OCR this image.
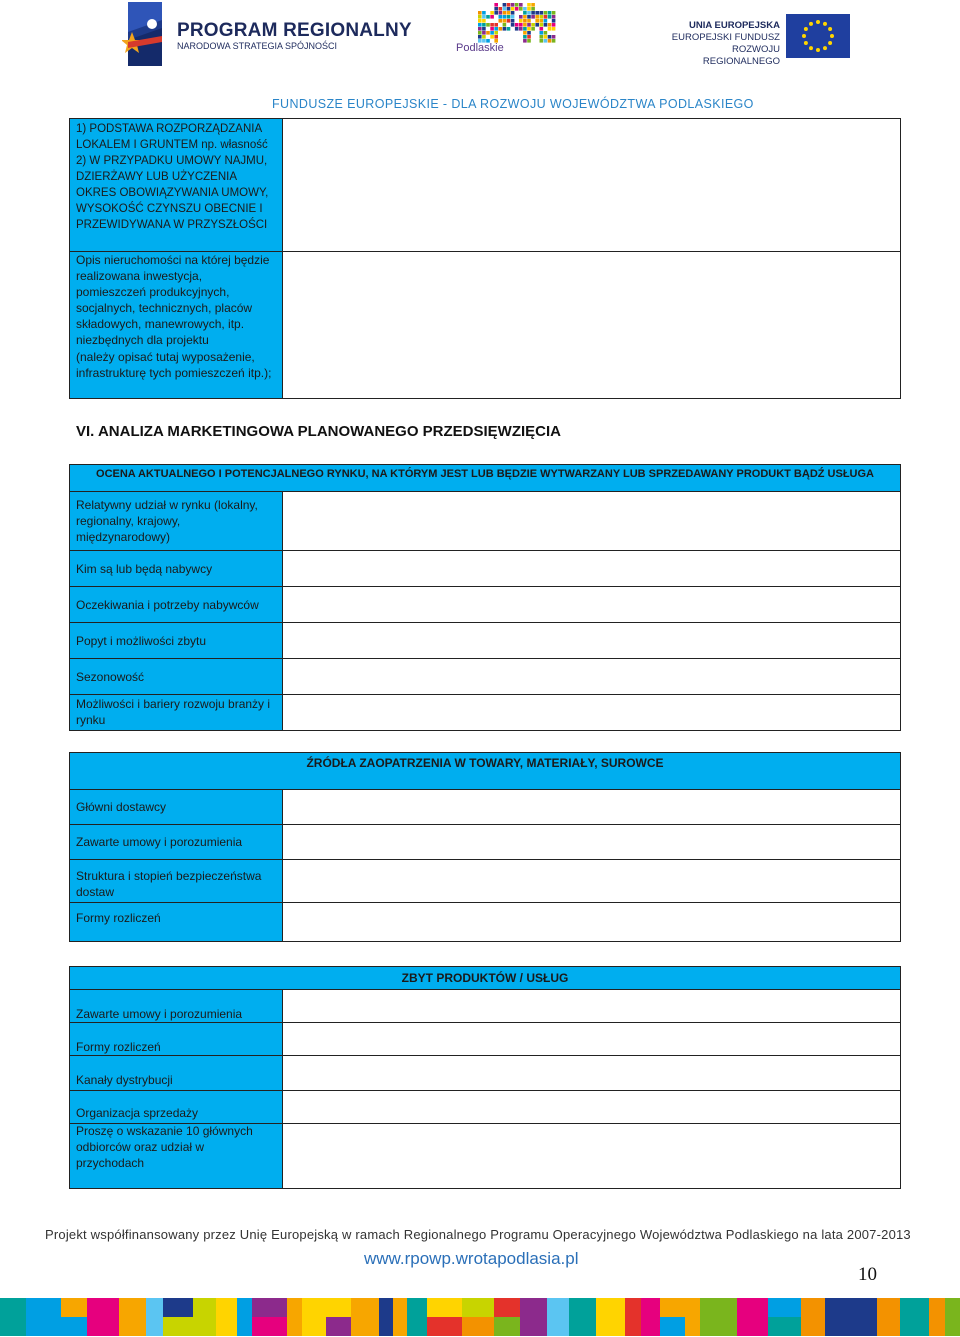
PROGRAM REGIONALNY
NARODOWA STRATEGIA SPÓJNOŚCI	Podlaskie
UNIA EUROPEJSKA
EUROPEJSKI FUNDUSZ
ROZWOJU REGIONALNEGO
FUNDUSZE EUROPEJSKIE - DLA ROZWOJU WOJEWÓDZTWA PODLASKIEGO
1) PODSTAWA ROZPORZĄDZANIA LOKALEM I GRUNTEM np. własność 2) W PRZYPADKU UMOWY NAJMU, DZIERŻAWY LUB UŻYCZENIA OKRES OBOWIĄZYWANIA UMOWY, WYSOKOŚĆ CZYNSZU OBECNIE I PRZEWIDYWANA W PRZYSZŁOŚCI
Opis nieruchomości na której będzie realizowana inwestycja, pomieszczeń produkcyjnych, socjalnych, technicznych, placów składowych, manewrowych, itp. niezbędnych dla projektu
(należy opisać tutaj wyposażenie, infrastrukturę tych pomieszczeń itp.);
VI. ANALIZA MARKETINGOWA PLANOWANEGO PRZEDSIĘWZIĘCIA
OCENA AKTUALNEGO I POTENCJALNEGO RYNKU, NA KTÓRYM JEST LUB BĘDZIE WYTWARZANY LUB SPRZEDAWANY PRODUKT BĄDŹ USŁUGA
Relatywny udział w rynku (lokalny, regionalny, krajowy, międzynarodowy)
Kim są lub będą nabywcy
Oczekiwania i potrzeby nabywców
Popyt i możliwości zbytu
Sezonowość
Możliwości i bariery rozwoju branży i rynku
ŹRÓDŁA ZAOPATRZENIA W TOWARY, MATERIAŁY, SUROWCE
Główni dostawcy
Zawarte umowy i porozumienia
Struktura i stopień bezpieczeństwa dostaw
Formy rozliczeń
ZBYT PRODUKTÓW / USŁUG
Zawarte umowy i porozumienia
Formy rozliczeń
Kanały dystrybucji
Organizacja sprzedaży
Proszę o wskazanie 10 głównych odbiorców oraz udział w przychodach
Projekt współfinansowany przez Unię Europejską w ramach Regionalnego Programu Operacyjnego Województwa Podlaskiego na lata 2007-2013
www.rpowp.wrotapodlasia.pl
10
